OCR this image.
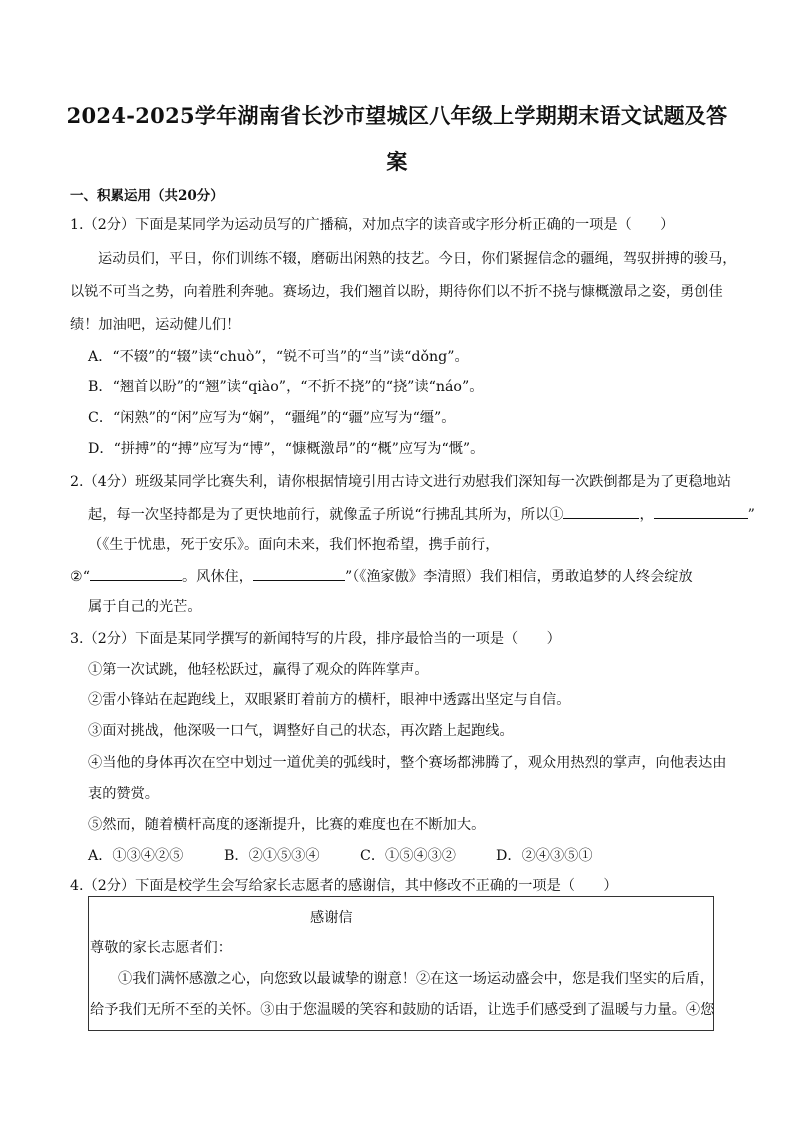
2024-2025学年湖南省长沙市望城区八年级上学期期末语文试题及答
案
一、积累运用（共20分）
1.（2分）下面是某同学为运动员写的广播稿，对加点字的读音或字形分析正确的一项是（　　）
运动员们，平日，你们训练不辍，磨砺出闲熟的技艺。今日，你们紧握信念的疆绳，驾驭拼搏的骏马，
以锐不可当之势，向着胜利奔驰。赛场边，我们翘首以盼，期待你们以不折不挠与慷概激昂之姿，勇创佳
绩！加油吧，运动健儿们！
A．“不辍”的“辍”读“chuò”，“锐不可当”的“当”读“dǒng”。
B．“翘首以盼”的“翘”读“qiào”，“不折不挠”的“挠”读“náo”。
C．“闲熟”的“闲”应写为“娴”，“疆绳”的“疆”应写为“缰”。
D．“拼搏”的“搏”应写为“博”，“慷概激昂”的“概”应写为“慨”。
2.（4分）班级某同学比赛失利，请你根据情境引用古诗文进行劝慰我们深知每一次跌倒都是为了更稳地站
起，每一次坚持都是为了更快地前行，就像孟子所说“行拂乱其所为，所以①	，	”
（《生于忧患，死于安乐》。面向未来，我们怀抱希望，携手前行，
②“	。风休住，	”（《渔家傲》李清照）我们相信，勇敢追梦的人终会绽放
属于自己的光芒。
3.（2分）下面是某同学撰写的新闻特写的片段，排序最恰当的一项是（　　）
①第一次试跳，他轻松跃过，赢得了观众的阵阵掌声。
②雷小锋站在起跑线上，双眼紧盯着前方的横杆，眼神中透露出坚定与自信。
③面对挑战，他深吸一口气，调整好自己的状态，再次踏上起跑线。
④当他的身体再次在空中划过一道优美的弧线时，整个赛场都沸腾了，观众用热烈的掌声，向他表达由
衷的赞赏。
⑤然而，随着横杆高度的逐渐提升，比赛的难度也在不断加大。
A．①③④②⑤	B．②①⑤③④	C．①⑤④③②	D．②④③⑤①
4.（2分）下面是校学生会写给家长志愿者的感谢信，其中修改不正确的一项是（　　）
感谢信
尊敬的家长志愿者们：
①我们满怀感激之心，向您致以最诚挚的谢意！②在这一场运动盛会中，您是我们坚实的后盾，
给予我们无所不至的关怀。③由于您温暖的笑容和鼓励的话语，让选手们感受到了温暖与力量。④您
